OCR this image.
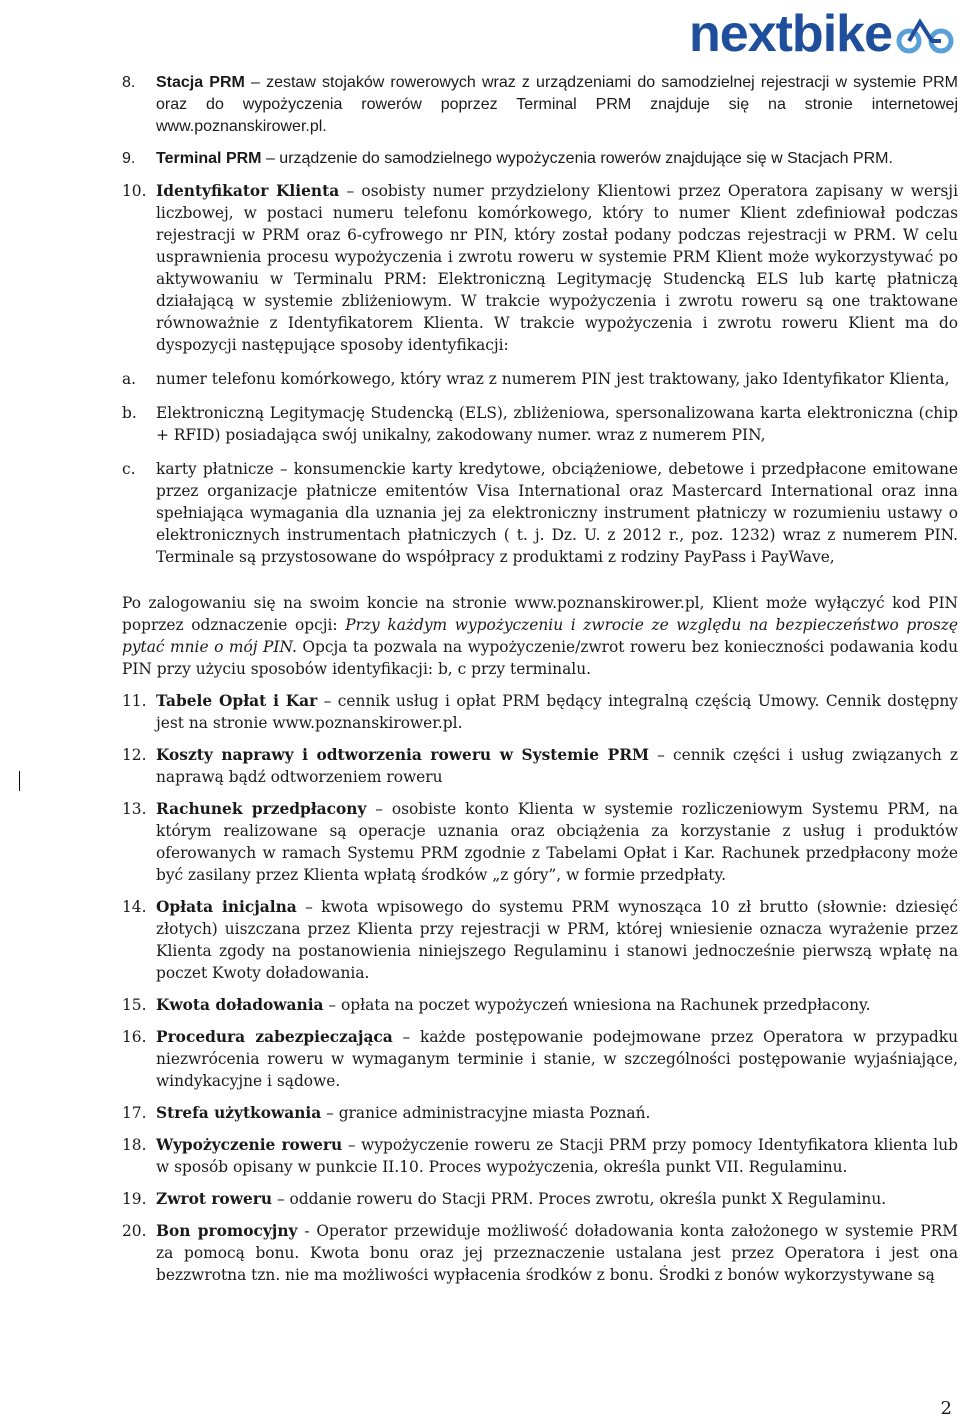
nextbike
8.	Stacja PRM – zestaw stojaków rowerowych wraz z urządzeniami do samodzielnej rejestracji w systemie PRM oraz do wypożyczenia rowerów poprzez Terminal PRM znajduje się na stronie internetowej www.poznanskirower.pl.
9.	Terminal PRM – urządzenie do samodzielnego wypożyczenia rowerów znajdujące się w Stacjach PRM.
10. Identyfikator Klienta – osobisty numer przydzielony Klientowi przez Operatora zapisany w wersji liczbowej, w postaci numeru telefonu komórkowego, który to numer Klient zdefiniował podczas rejestracji w PRM oraz 6-cyfrowego nr PIN, który został podany podczas rejestracji w PRM. W celu usprawnienia procesu wypożyczenia i zwrotu roweru w systemie PRM Klient może wykorzystywać po aktywowaniu w Terminalu PRM: Elektroniczną Legitymację Studencką ELS lub kartę płatniczą działającą w systemie zbliżeniowym. W trakcie wypożyczenia i zwrotu roweru są one traktowane równoważnie z Identyfikatorem Klienta. W trakcie wypożyczenia i zwrotu roweru Klient ma do dyspozycji następujące sposoby identyfikacji:
a.	numer telefonu komórkowego, który wraz z numerem PIN jest traktowany, jako Identyfikator Klienta,
b.	Elektroniczną Legitymację Studencką (ELS), zbliżeniowa, spersonalizowana karta elektroniczna (chip + RFID) posiadająca swój unikalny, zakodowany numer. wraz z numerem PIN,
c.	karty płatnicze – konsumenckie karty kredytowe, obciążeniowe, debetowe i przedpłacone emitowane przez organizacje płatnicze emitentów Visa International oraz Mastercard International oraz inna spełniająca wymagania dla uznania jej za elektroniczny instrument płatniczy w rozumieniu ustawy o elektronicznych instrumentach płatniczych ( t. j. Dz. U. z 2012 r., poz. 1232) wraz z numerem PIN. Terminale są przystosowane do współpracy z produktami z rodziny PayPass i PayWave,
Po zalogowaniu się na swoim koncie na stronie www.poznanskirower.pl, Klient może wyłączyć kod PIN poprzez odznaczenie opcji: Przy każdym wypożyczeniu i zwrocie ze względu na bezpieczeństwo proszę pytać mnie o mój PIN. Opcja ta pozwala na wypożyczenie/zwrot roweru bez konieczności podawania kodu PIN przy użyciu sposobów identyfikacji: b, c przy terminalu.
11. Tabele Opłat i Kar – cennik usług i opłat PRM będący integralną częścią Umowy. Cennik dostępny jest na stronie www.poznanskirower.pl.
12. Koszty naprawy i odtworzenia roweru w Systemie PRM – cennik części i usług związanych z naprawą bądź odtworzeniem roweru
13. Rachunek przedpłacony – osobiste konto Klienta w systemie rozliczeniowym Systemu PRM, na którym realizowane są operacje uznania oraz obciążenia za korzystanie z usług i produktów oferowanych w ramach Systemu PRM zgodnie z Tabelami Opłat i Kar. Rachunek przedpłacony może być zasilany przez Klienta wpłatą środków „z góry”, w formie przedpłaty.
14. Opłata inicjalna – kwota wpisowego do systemu PRM wynosząca 10 zł brutto (słownie: dziesięć złotych) uiszczana przez Klienta przy rejestracji w PRM, której wniesienie oznacza wyrażenie przez Klienta zgody na postanowienia niniejszego Regulaminu i stanowi jednocześnie pierwszą wpłatę na poczet Kwoty doładowania.
15. Kwota doładowania – opłata na poczet wypożyczeń wniesiona na Rachunek przedpłacony.
16. Procedura zabezpieczająca – każde postępowanie podejmowane przez Operatora w przypadku niezwrócenia roweru w wymaganym terminie i stanie, w szczególności postępowanie wyjaśniające, windykacyjne i sądowe.
17. Strefa użytkowania – granice administracyjne miasta Poznań.
18. Wypożyczenie roweru – wypożyczenie roweru ze Stacji PRM przy pomocy Identyfikatora klienta lub w sposób opisany w punkcie II.10. Proces wypożyczenia, określa punkt VII. Regulaminu.
19. Zwrot roweru – oddanie roweru do Stacji PRM. Proces zwrotu, określa punkt X Regulaminu.
20. Bon promocyjny - Operator przewiduje możliwość doładowania konta założonego w systemie PRM za pomocą bonu. Kwota bonu oraz jej przeznaczenie ustalana jest przez Operatora i jest ona bezzwrotna tzn. nie ma możliwości wypłacenia środków z bonu. Środki z bonów wykorzystywane są
2
